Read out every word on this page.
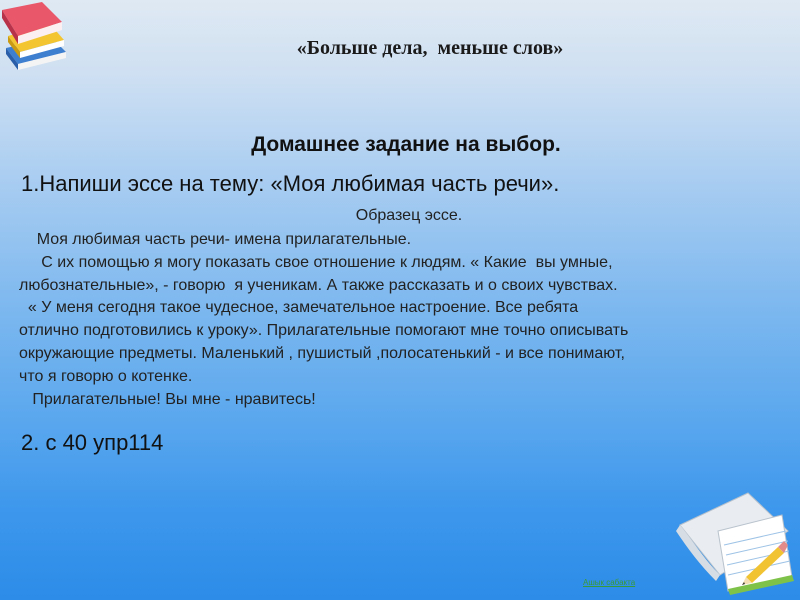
«Больше дела,  меньше слов»
Домашнее задание на выбор.
1.Напиши эссе на тему: «Моя любимая часть речи».
Образец эссе.
Моя любимая часть речи- имена прилагательные.
С их помощью я могу показать свое отношение к людям. « Какие  вы умные,
любознательные», - говорю  я ученикам. А также рассказать и о своих чувствах.
« У меня сегодня такое чудесное, замечательное настроение. Все ребята
отлично подготовились к уроку». Прилагательные помогают мне точно описывать
окружающие предметы. Маленький , пушистый ,полосатенький - и все понимают,
что я говорю о котенке.
Прилагательные! Вы мне - нравитесь!
2. с 40 упр114
Ашык сабакта
